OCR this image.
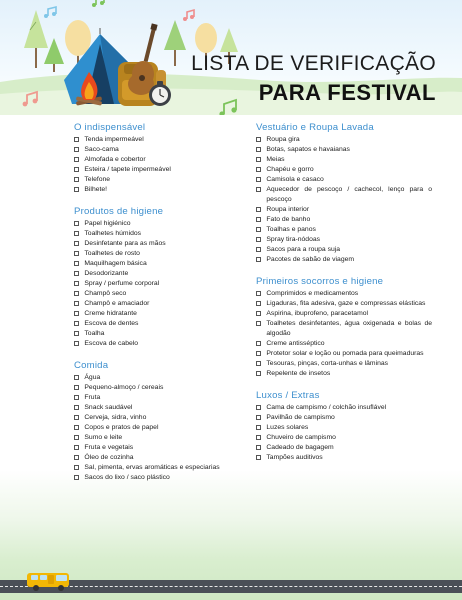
LISTA DE VERIFICAÇÃO
PARA FESTIVAL
O indispensável
Tenda impermeável
Saco-cama
Almofada e cobertor
Esteira / tapete impermeável
Telefone
Bilhete!
Produtos de higiene
Papel higiénico
Toalhetes húmidos
Desinfetante para as mãos
Toalhetes de rosto
Maquilhagem básica
Desodorizante
Spray / perfume corporal
Champô seco
Champô e amaciador
Creme hidratante
Escova de dentes
Toalha
Escova de cabelo
Comida
Água
Pequeno-almoço / cereais
Fruta
Snack saudável
Cerveja, sidra, vinho
Copos e pratos de papel
Sumo e leite
Fruta e vegetais
Óleo de cozinha
Sal, pimenta, ervas aromáticas e especiarias
Sacos do lixo / saco plástico
Vestuário e Roupa Lavada
Roupa gira
Botas, sapatos e havaianas
Meias
Chapéu e gorro
Camisola e casaco
Aquecedor de pescoço / cachecol, lenço para o pescoço
Roupa interior
Fato de banho
Toalhas e panos
Spray tira-nódoas
Sacos para a roupa suja
Pacotes de sabão de viagem
Primeiros socorros e higiene
Comprimidos e medicamentos
Ligaduras, fita adesiva, gaze e compressas elásticas
Aspirina, ibuprofeno, paracetamol
Toalhetes desinfetantes, água oxigenada e bolas de algodão
Creme antisséptico
Protetor solar e loção ou pomada para queimaduras
Tesouras, pinças, corta-unhas e lâminas
Repelente de insetos
Luxos / Extras
Cama de campismo / colchão insuflável
Pavilhão de campismo
Luzes solares
Chuveiro de campismo
Cadeado de bagagem
Tampões auditivos
